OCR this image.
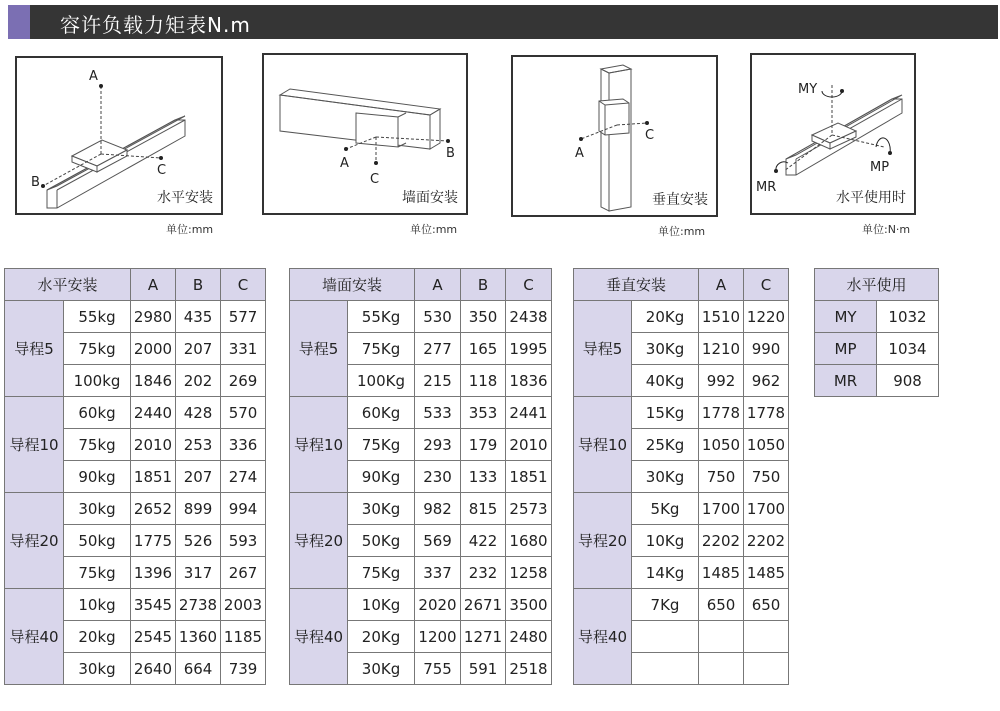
容许负载力矩表N.m
A
C
B
水平安装
单位:mm
A
C
B
墙面安装
单位:mm
A
C
垂直安装
单位:mm
MY
MP
MR
水平使用时
单位:N·m
水平安装		A	B	C
导程5	55kg	2980	435	577
	75kg	2000	207	331
	100kg	1846	202	269
导程10	60kg	2440	428	570
	75kg	2010	253	336
	90kg	1851	207	274
导程20	30kg	2652	899	994
	50kg	1775	526	593
	75kg	1396	317	267
导程40	10kg	3545	2738	2003
	20kg	2545	1360	1185
	30kg	2640	664	739
墙面安装		A	B	C
导程5	55Kg	530	350	2438
	75Kg	277	165	1995
	100Kg	215	118	1836
导程10	60Kg	533	353	2441
	75Kg	293	179	2010
	90Kg	230	133	1851
导程20	30Kg	982	815	2573
	50Kg	569	422	1680
	75Kg	337	232	1258
导程40	10Kg	2020	2671	3500
	20Kg	1200	1271	2480
	30Kg	755	591	2518
垂直安装		A	C
导程5	20Kg	1510	1220
	30Kg	1210	990
	40Kg	992	962
导程10	15Kg	1778	1778
	25Kg	1050	1050
	30Kg	750	750
导程20	5Kg	1700	1700
	10Kg	2202	2202
	14Kg	1485	1485
导程40	7Kg	650	650

水平使用	
MY	1032
MP	1034
MR	908
